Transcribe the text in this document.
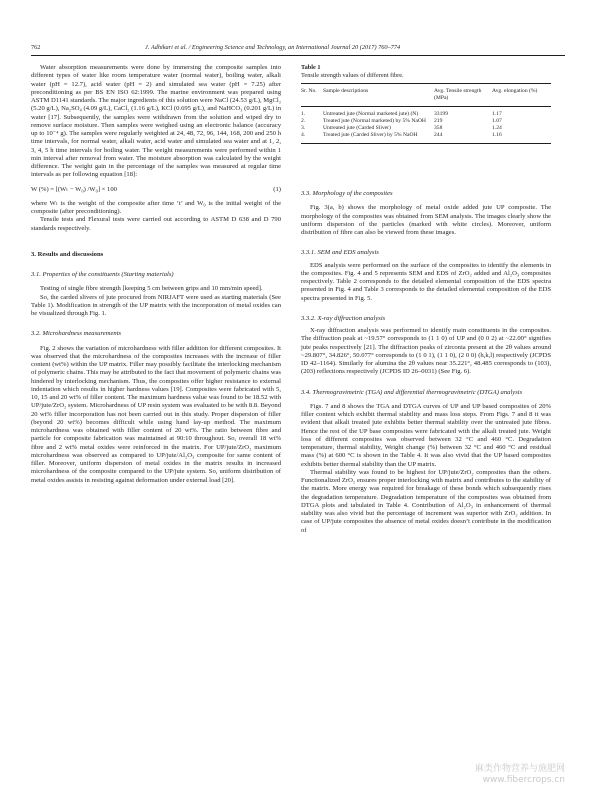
762	J. Adhikari et al. / Engineering Science and Technology, an International Journal 20 (2017) 760–774

Water absorption measurements were done by immersing the composite samples into different types of water like room temperature water (normal water), boiling water, alkali water (pH = 12.7), acid water (pH = 2) and simulated sea water (pH = 7.25) after preconditioning as per BS EN ISO 62:1999. The marine environment was prepared using ASTM D1141 standards. The major ingredients of this solution were NaCl (24.53 g/L), MgCl₂ (5.20 g/L), Na₂SO₄ (4.09 g/L), CaCl₂ (1.16 g/L), KCl (0.695 g/L), and NaHCO₃ (0.201 g/L) in water [17]. Subsequently, the samples were withdrawn from the solution and wiped dry to remove surface moisture. Then samples were weighed using an electronic balance (accuracy up to 10⁻⁴ g). The samples were regularly weighted at 24, 48, 72, 96, 144, 168, 200 and 250 h time intervals, for normal water, alkali water, acid water and simulated sea water and at 1, 2, 3, 4, 5 h time intervals for boiling water. The weight measurements were performed within 1 min interval after removal from water. The moisture absorption was calculated by the weight difference. The weight gain in the percentage of the samples was measured at regular time intervals as per following equation [18]:

W (%) = [(Wₜ − W₀) /W₀] × 100	(1)

where Wₜ is the weight of the composite after time ‘t’ and W₀ is the initial weight of the composite (after preconditioning).

Tensile tests and Flexural tests were carried out according to ASTM D 638 and D 790 standards respectively.

3. Results and discussions
3.1. Properties of the constituents (Starting materials)

Testing of single fibre strength [keeping 5 cm between grips and 10 mm/min speed].

So, the carded slivers of jute procured from NIRJAFT were used as starting materials (See Table 1). Modification in strength of the UP matrix with the incorporation of metal oxides can be visualized through Fig. 1.

3.2. Microhardness measurements

Fig. 2 shows the variation of microhardness with filler addition for different composites. It was observed that the microhardness of the composites increases with the increase of filler content (wt%) within the UP matrix. Filler may possibly facilitate the interlocking mechanism of polymeric chains. This may be attributed to the fact that movement of polymeric chains was hindered by interlocking mechanism. Thus, the composites offer higher resistance to external indentation which results in higher hardness values [19]. Composites were fabricated with 5, 10, 15 and 20 wt% of filler content. The maximum hardness value was found to be 18.52 with UP/jute/ZrO₂ system. Microhardness of UP resin system was evaluated to be with 8.8. Beyond 20 wt% filler incorporation has not been carried out in this study. Proper dispersion of filler (beyond 20 wt%) becomes difficult while using hand lay-up method. The maximum microhardness was obtained with filler content of 20 wt%. The ratio between fibre and particle for composite fabrication was maintained at 90:10 throughout. So, overall 18 wt% fibre and 2 wt% metal oxides were reinforced in the matrix. For UP/jute/ZrO₂ maximum microhardness was observed as compared to UP/jute/Al₂O₃ composite for same content of filler. Moreover, uniform dispersion of metal oxides in the matrix results in increased microhardness of the composite compared to the UP/jute system. So, uniform distribution of metal oxides assists in resisting against deformation under external load [20].

Table 1
Tensile strength values of different fibre.
Sr. No.	Sample descriptions	Avg. Tensile strength (MPa)	Avg. elongation (%)
1.	Untreated jute (Normal marketed jute) (N)	33199	1.17
2.	Treated jute (Normal marketed) by 5% NaOH	219	1.07
3.	Untreated jute (Carded Sliver)	358	1.24
4.	Treated jute (Carded Sliver) by 5% NaOH	244	1.16
3.3. Morphology of the composites

Fig. 3(a, b) shows the morphology of metal oxide added jute UP composite. The morphology of the composites was obtained from SEM analysis. The images clearly show the uniform dispersion of the particles (marked with white circles). Moreover, uniform distribution of fibre can also be viewed from these images.

3.3.1. SEM and EDS analysis

EDS analysis were performed on the surface of the composites to identify the elements in the composites. Fig. 4 and 5 represents SEM and EDS of ZrO₂ added and Al₂O₃ composites respectively. Table 2 corresponds to the detailed elemental composition of the EDS spectra presented in Fig. 4 and Table 3 corresponds to the detailed elemental composition of the EDS spectra presented in Fig. 5.

3.3.2. X-ray diffraction analysis

X-ray diffraction analysis was performed to identify main constituents in the composites. The diffraction peak at ~19.57° corresponds to (1 1 0) of UP and (0 0 2) at ~22.00° signifies jute peaks respectively [21]. The diffraction peaks of zirconia present at the 2θ values around ~29.807°, 34.826°, 50.077° corresponds to (1 0 1), (1 1 0), (2 0 0) (h,k,l) respectively (JCPDS ID 42–1164). Similarly for alumina the 2θ values near 35.221°, 48.485 corresponds to (103), (203) reflections respectively (JCPDS ID 26–0031) (See Fig. 6).

3.4. Thermogravimetric (TGA) and differential thermogravimetric (DTGA) analysis

Figs. 7 and 8 shows the TGA and DTGA curves of UP and UP based composites of 20% filler content which exhibit thermal stability and mass loss steps. From Figs. 7 and 8 it was evident that alkali treated jute exhibits better thermal stability over the untreated jute fibres. Hence the rest of the UP base composites were fabricated with the alkali treated jute. Weight loss of different composites was observed between 32 °C and 460 °C. Degradation temperature, thermal stability, Weight change (%) between 32 °C and 460 °C and residual mass (%) at 600 °C is shown in the Table 4. It was also vivid that the UP based composites exhibits better thermal stability than the UP matrix.

Thermal stability was found to be highest for UP/jute/ZrO₂ composites than the others. Functionalized ZrO₂ ensures proper interlocking with matrix and contributes to the stability of the matrix. More energy was required for breakage of these bonds which subsequently rises the degradation temperature. Degradation temperature of the composites was obtained from DTGA plots and tabulated in Table 4. Contribution of Al₂O₃ in enhancement of thermal stability was also vivid but the percentage of increment was superior with ZrO₂ addition. In case of UP/jute composites the absence of metal oxides doesn’t contribute in the modification of

麻类作物营养与施肥网
www.fibercrops.cn
